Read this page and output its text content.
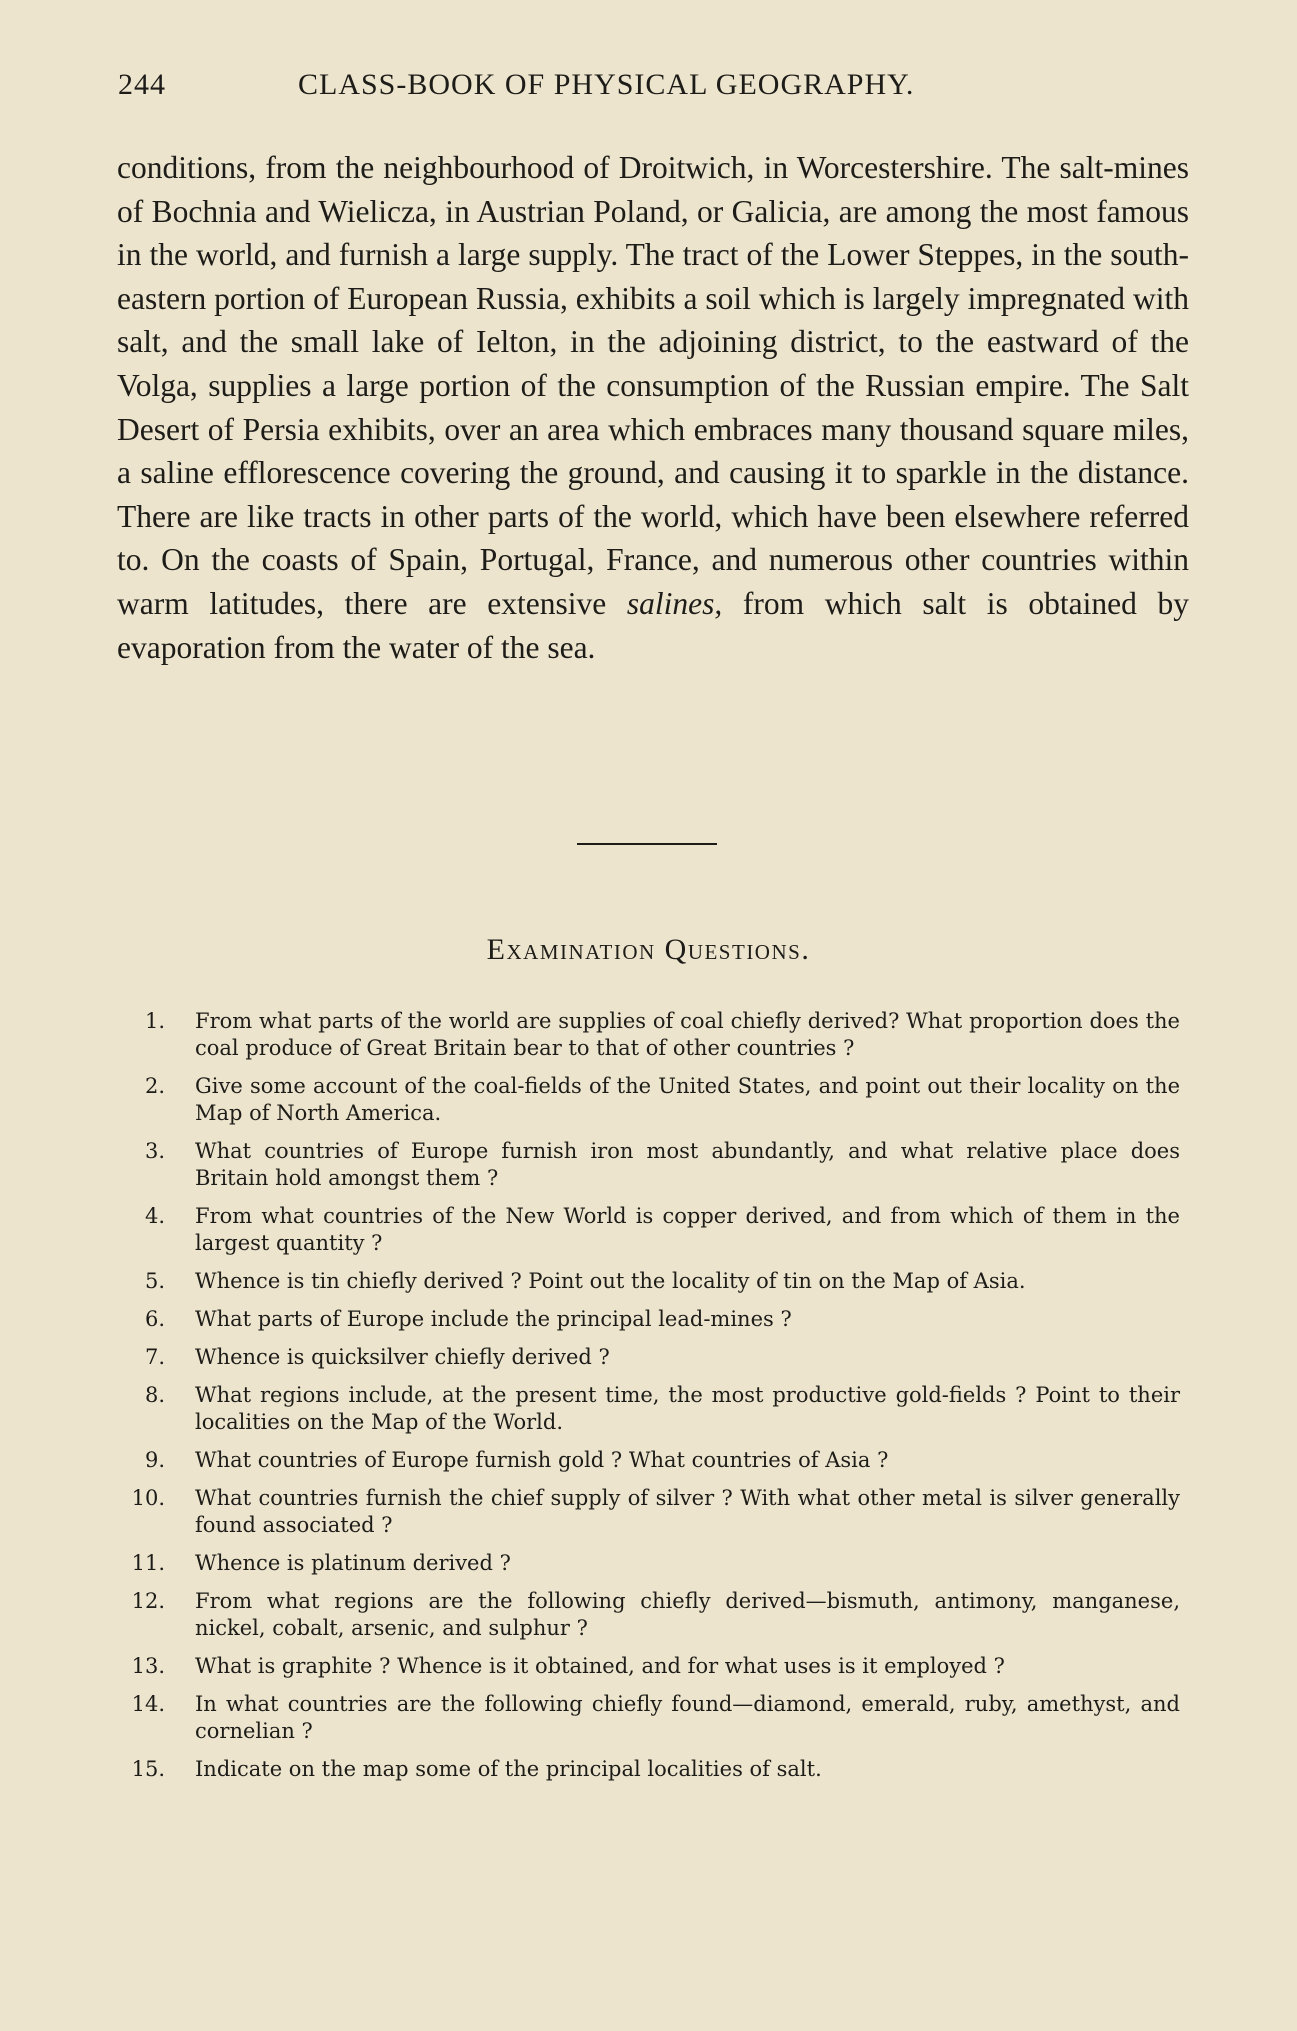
244	CLASS-BOOK OF PHYSICAL GEOGRAPHY.

conditions, from the neighbourhood of Droitwich, in Worcestershire. The salt-mines of Bochnia and Wielicza, in Austrian Poland, or Galicia, are among the most famous in the world, and furnish a large supply. The tract of the Lower Steppes, in the south-eastern portion of European Russia, exhibits a soil which is largely impregnated with salt, and the small lake of Ielton, in the adjoining district, to the eastward of the Volga, supplies a large portion of the consumption of the Russian empire. The Salt Desert of Persia exhibits, over an area which embraces many thousand square miles, a saline efflorescence covering the ground, and causing it to sparkle in the distance. There are like tracts in other parts of the world, which have been elsewhere referred to. On the coasts of Spain, Portugal, France, and numerous other countries within warm latitudes, there are extensive salines, from which salt is obtained by evaporation from the water of the sea.

Examination Questions.
1. From what parts of the world are supplies of coal chiefly derived? What proportion does the coal produce of Great Britain bear to that of other countries ?
2. Give some account of the coal-fields of the United States, and point out their locality on the Map of North America.
3. What countries of Europe furnish iron most abundantly, and what relative place does Britain hold amongst them ?
4. From what countries of the New World is copper derived, and from which of them in the largest quantity ?
5. Whence is tin chiefly derived ? Point out the locality of tin on the Map of Asia.
6. What parts of Europe include the principal lead-mines ?
7. Whence is quicksilver chiefly derived ?
8. What regions include, at the present time, the most productive gold-fields ? Point to their localities on the Map of the World.
9. What countries of Europe furnish gold ? What countries of Asia ?
10. What countries furnish the chief supply of silver ? With what other metal is silver generally found associated ?
11. Whence is platinum derived ?
12. From what regions are the following chiefly derived—bismuth, antimony, manganese, nickel, cobalt, arsenic, and sulphur ?
13. What is graphite ? Whence is it obtained, and for what uses is it employed ?
14. In what countries are the following chiefly found—diamond, emerald, ruby, amethyst, and cornelian ?
15. Indicate on the map some of the principal localities of salt.
